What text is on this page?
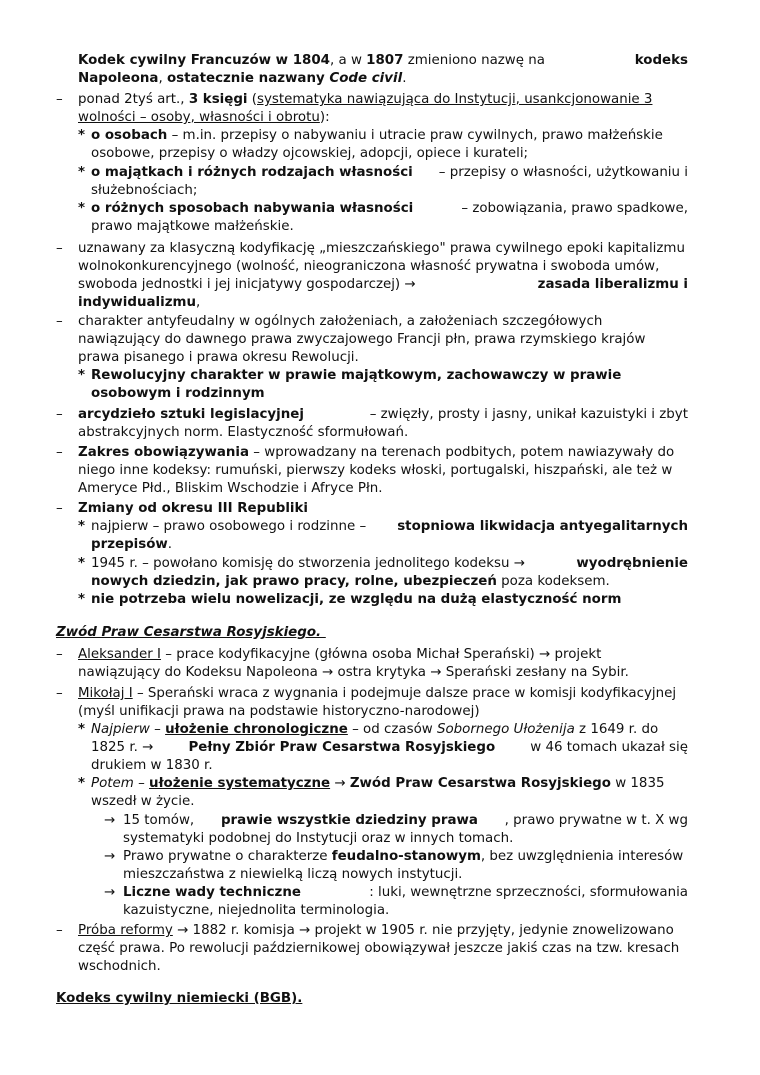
Kodek cywilny Francuzów w 1804, a w 1807 zmieniono nazwę na	kodeks
Napoleona, ostatecznie nazwany Code civil.
– ponad 2tyś art., 3 księgi (systematyka nawiązująca do Instytucji, usankcjonowanie 3
wolności – osoby, własności i obrotu):
* o osobach – m.in. przepisy o nabywaniu i utracie praw cywilnych, prawo małżeńskie
osobowe, przepisy o władzy ojcowskiej, adopcji, opiece i kurateli;
* o majątkach i różnych rodzajach własności – przepisy o własności, użytkowaniu i
służebnościach;
* o różnych sposobach nabywania własności	– zobowiązania, prawo spadkowe,
prawo majątkowe małżeńskie.
– uznawany za klasyczną kodyfikację „mieszczańskiego" prawa cywilnego epoki kapitalizmu
wolnokonkurencyjnego (wolność, nieograniczona własność prywatna i swoboda umów,
swoboda jednostki i jej inicjatywy gospodarczej) →	zasada liberalizmu i
indywidualizmu,
– charakter antyfeudalny w ogólnych założeniach, a założeniach szczegółowych
nawiązujący do dawnego prawa zwyczajowego Francji płn, prawa rzymskiego krajów
prawa pisanego i prawa okresu Rewolucji.
* Rewolucyjny charakter w prawie majątkowym, zachowawczy w prawie
osobowym i rodzinnym
– arcydzieło sztuki legislacyjnej	– zwięzły, prosty i jasny, unikał kazuistyki i zbyt
abstrakcyjnych norm. Elastyczność sformułowań.
– Zakres obowiązywania – wprowadzany na terenach podbitych, potem nawiazywały do
niego inne kodeksy: rumuński, pierwszy kodeks włoski, portugalski, hiszpański, ale też w
Ameryce Płd., Bliskim Wschodzie i Afryce Płn.
– Zmiany od okresu III Republiki
* najpierw – prawo osobowego i rodzinne – stopniowa likwidacja antyegalitarnych
przepisów.
* 1945 r. – powołano komisję do stworzenia jednolitego kodeksu →	wyodrębnienie
nowych dziedzin, jak prawo pracy, rolne, ubezpieczeń poza kodeksem.
* nie potrzeba wielu nowelizacji, ze względu na dużą elastyczność norm
Zwód Praw Cesarstwa Rosyjskiego.
– Aleksander I – prace kodyfikacyjne (główna osoba Michał Sperański) → projekt
nawiązujący do Kodeksu Napoleona → ostra krytyka → Sperański zesłany na Sybir.
– Mikołaj I – Sperański wraca z wygnania i podejmuje dalsze prace w komisji kodyfikacyjnej
(myśl unifikacji prawa na podstawie historyczno-narodowej)
* Najpierw – ułożenie chronologiczne – od czasów Sobornego Ułożenija z 1649 r. do
1825 r. →	Pełny Zbiór Praw Cesarstwa Rosyjskiego	w 46 tomach ukazał się
drukiem w 1830 r.
* Potem – ułożenie systematyczne → Zwód Praw Cesarstwa Rosyjskiego w 1835
wszedł w życie.
→ 15 tomów, prawie wszystkie dziedziny prawa , prawo prywatne w t. X wg
systematyki podobnej do Instytucji oraz w innych tomach.
→ Prawo prywatne o charakterze feudalno-stanowym, bez uwzględnienia interesów
mieszczaństwa z niewielką liczą nowych instytucji.
→ Liczne wady techniczne	: luki, wewnętrzne sprzeczności, sformułowania
kazuistyczne, niejednolita terminologia.
– Próba reformy → 1882 r. komisja → projekt w 1905 r. nie przyjęty, jedynie znowelizowano
część prawa. Po rewolucji październikowej obowiązywał jeszcze jakiś czas na tzw. kresach
wschodnich.
Kodeks cywilny niemiecki (BGB).
